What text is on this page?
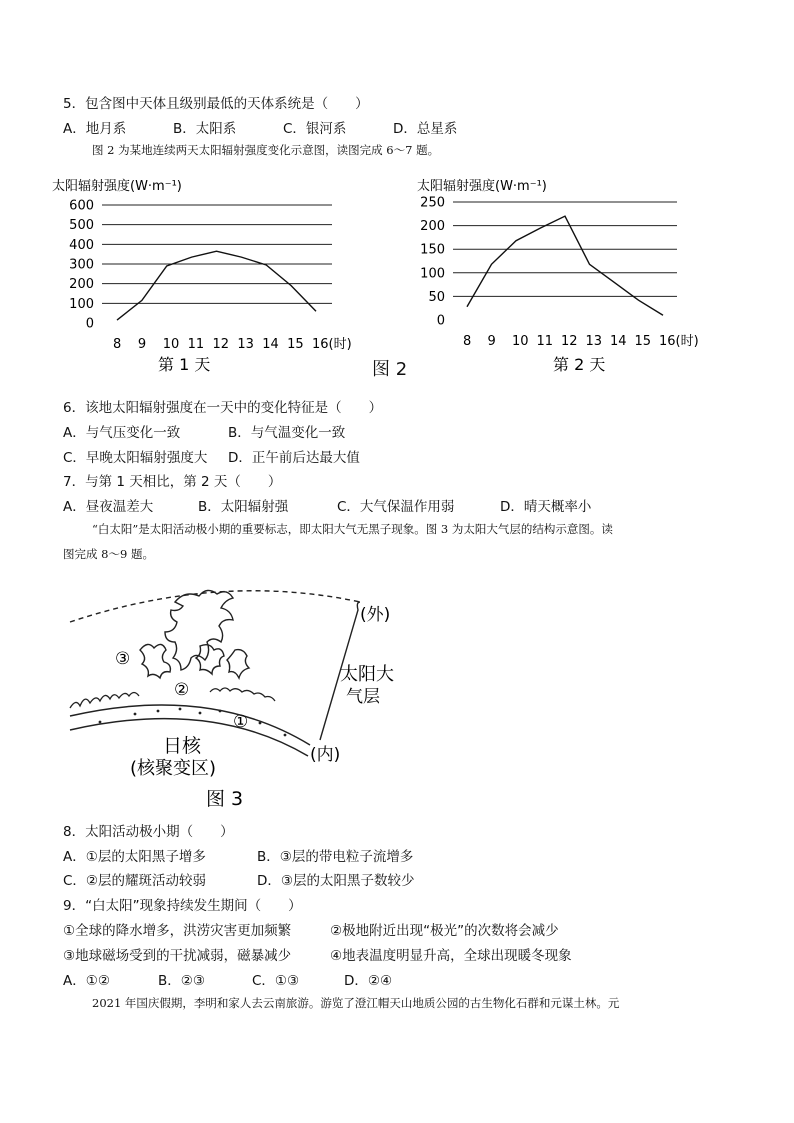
5．包含图中天体且级别最低的天体系统是（　　）
A．地月系	B．太阳系	C．银河系	D．总星系
图 2 为某地连续两天太阳辐射强度变化示意图，读图完成 6～7 题。
太阳辐射强度(W·m⁻¹)
0
100
200
300
400
500
600
8 9 10 11 12 13 14 15 16(时)
第 1 天
太阳辐射强度(W·m⁻¹)
0
50
100
150
200
250
8 9 10 11 12 13 14 15 16(时)
第 2 天
图 2
6．该地太阳辐射强度在一天中的变化特征是（　　）
A．与气压变化一致	B．与气温变化一致
C．早晚太阳辐射强度大 D．正午前后达最大值
7．与第 1 天相比，第 2 天（　　）
A．昼夜温差大	B．太阳辐射强	C．大气保温作用弱	D．晴天概率小
“白太阳”是太阳活动极小期的重要标志，即太阳大气无黑子现象。图 3 为太阳大气层的结构示意图。读
图完成 8～9 题。
③
②
①
(外)
太阳大
气层
(内)
日核
(核聚变区)
图 3
8．太阳活动极小期（　　）
A．①层的太阳黑子增多	B．③层的带电粒子流增多
C．②层的耀斑活动较弱	D．③层的太阳黑子数较少
9．“白太阳”现象持续发生期间（　　）
①全球的降水增多，洪涝灾害更加频繁	②极地附近出现“极光”的次数将会减少
③地球磁场受到的干扰减弱，磁暴减少	④地表温度明显升高，全球出现暖冬现象
A．①②	B．②③	C．①③	D．②④
2021 年国庆假期，李明和家人去云南旅游。游览了澄江帽天山地质公园的古生物化石群和元谋土林。元
